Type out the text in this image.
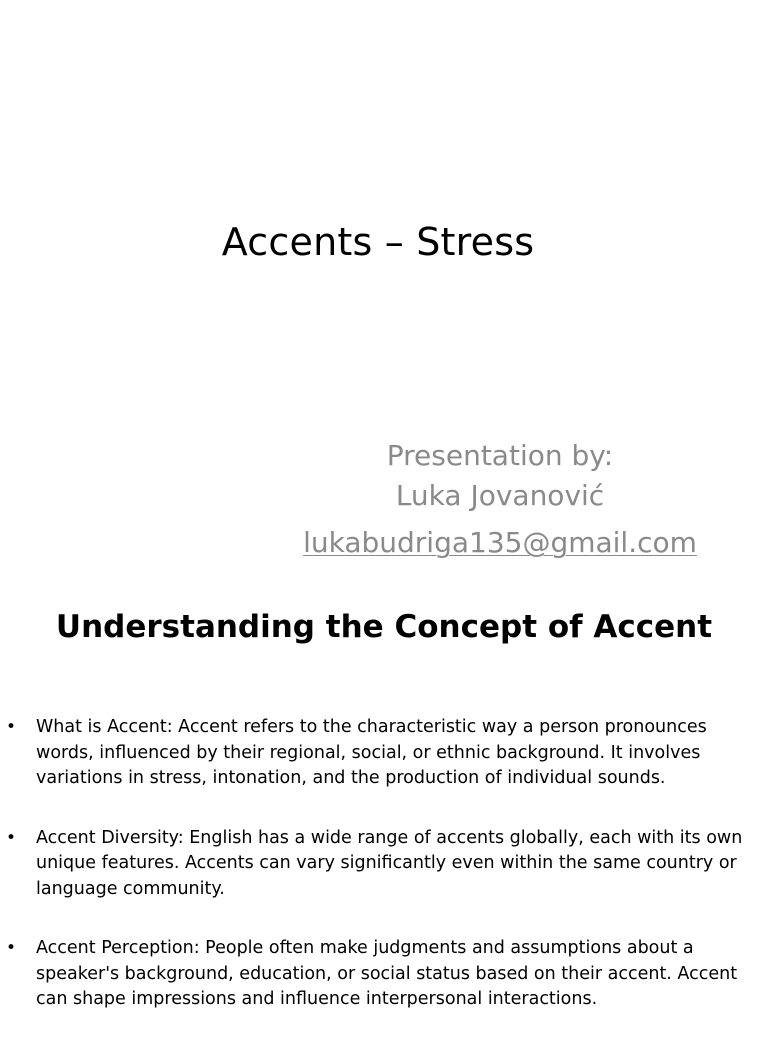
Accents – Stress
Presentation by:
Luka Jovanović
lukabudriga135@gmail.com
Understanding the Concept of Accent
• What is Accent: Accent refers to the characteristic way a person pronounces words, influenced by their regional, social, or ethnic background. It involves variations in stress, intonation, and the production of individual sounds.
• Accent Diversity: English has a wide range of accents globally, each with its own unique features. Accents can vary significantly even within the same country or language community.
• Accent Perception: People often make judgments and assumptions about a speaker's background, education, or social status based on their accent. Accent can shape impressions and influence interpersonal interactions.
